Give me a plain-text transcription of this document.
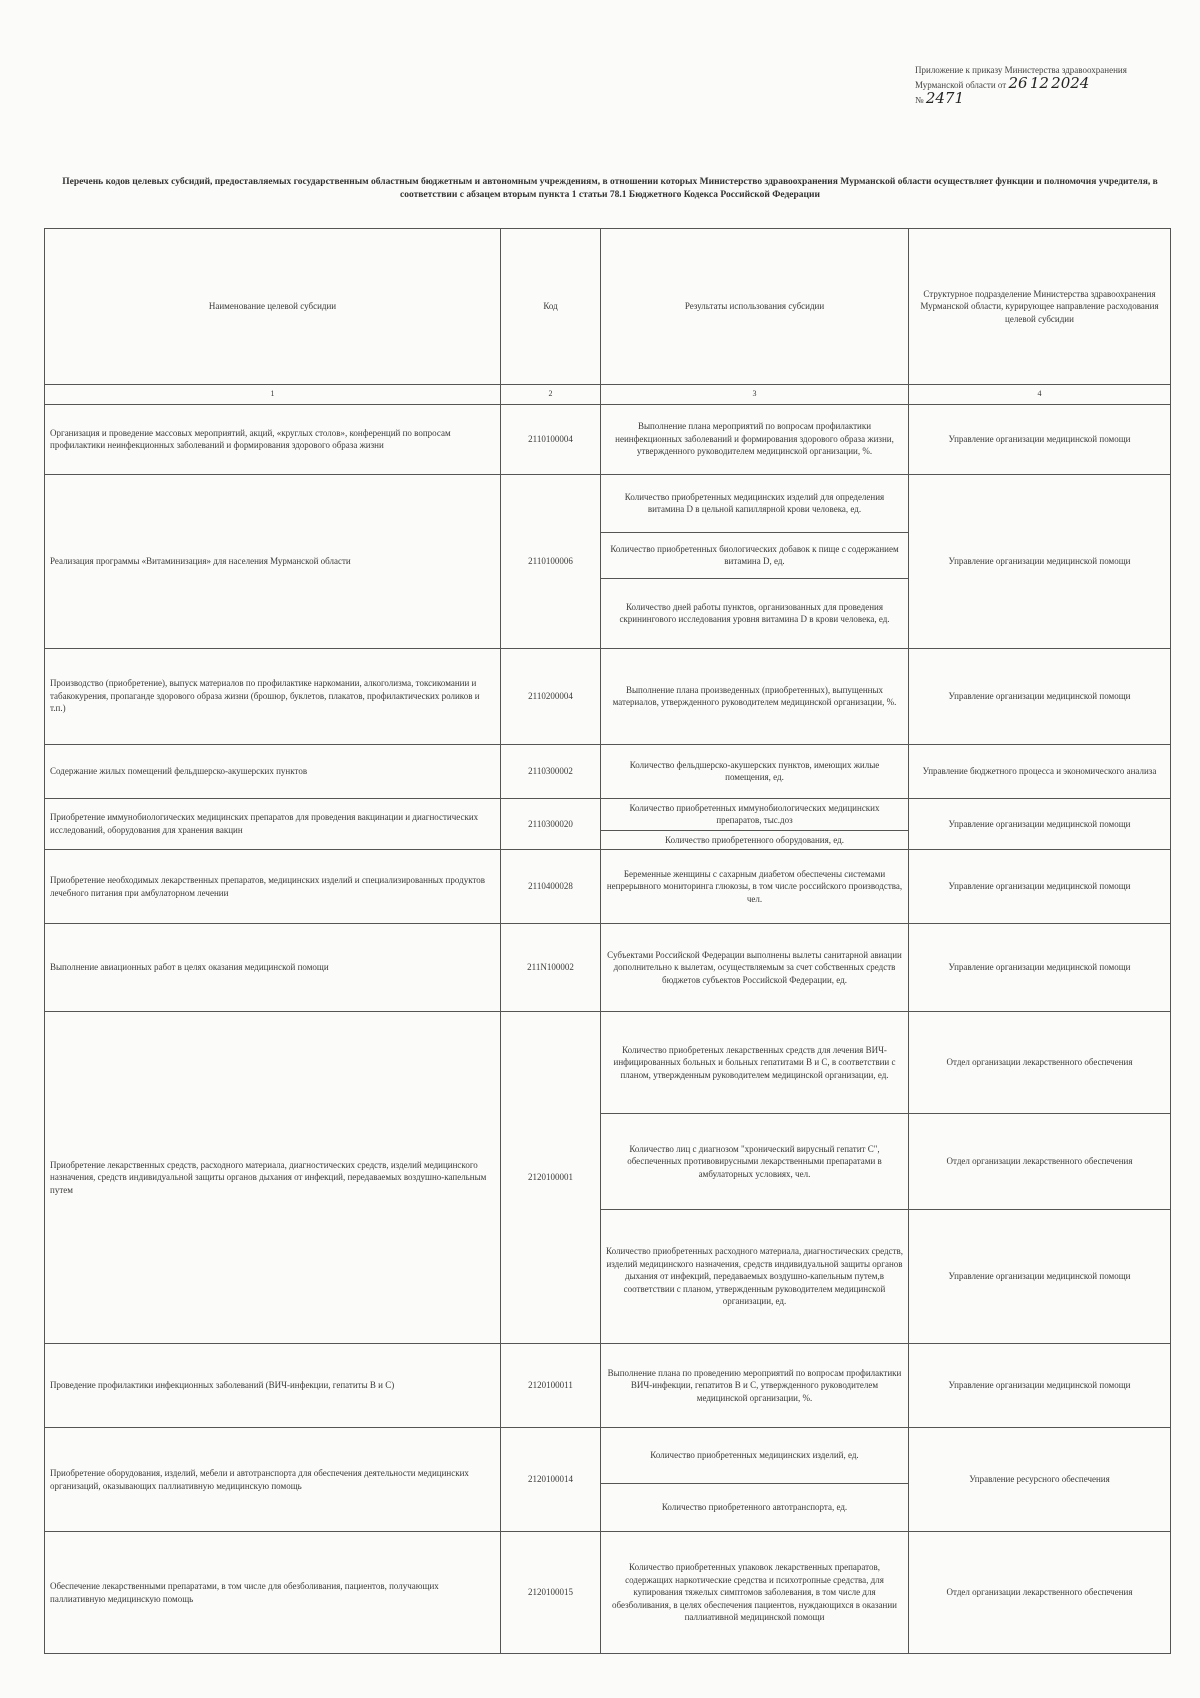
Приложение к приказу Министерства здравоохранения
Мурманской области от 26 12 2024
№ 2471
Перечень кодов целевых субсидий, предоставляемых государственным областным бюджетным и автономным учреждениям, в отношении которых Министерство здравоохранения Мурманской области осуществляет функции и полномочия учредителя, в соответствии с абзацем вторым пункта 1 статьи 78.1 Бюджетного Кодекса Российской Федерации
Наименование целевой субсидии	Код	Результаты использования субсидии	Структурное подразделение Министерства здравоохранения Мурманской области, курирующее направление расходования целевой субсидии
1	2	3	4
Организация и проведение массовых мероприятий, акций, «круглых столов», конференций по вопросам профилактики неинфекционных заболеваний и формирования здорового образа жизни	2110100004	Выполнение плана мероприятий по вопросам профилактики неинфекционных заболеваний и формирования здорового образа жизни, утвержденного руководителем медицинской организации, %.	Управление организации медицинской помощи
Реализация программы «Витаминизация» для населения Мурманской области	2110100006	Количество приобретенных медицинских изделий для определения витамина D в цельной капиллярной крови человека, ед.	Управление организации медицинской помощи
		Количество приобретенных биологических добавок к пище с содержанием витамина D, ед.	
		Количество дней работы пунктов, организованных для проведения скринингового исследования уровня витамина D в крови человека, ед.	
Производство (приобретение), выпуск материалов по профилактике наркомании, алкоголизма, токсикомании и табакокурения, пропаганде здорового образа жизни (брошюр, буклетов, плакатов, профилактических роликов и т.п.)	2110200004	Выполнение плана произведенных (приобретенных), выпущенных материалов, утвержденного руководителем медицинской организации, %.	Управление организации медицинской помощи
Содержание жилых помещений фельдшерско-акушерских пунктов	2110300002	Количество фельдшерско-акушерских пунктов, имеющих жилые помещения, ед.	Управление бюджетного процесса и экономического анализа
Приобретение иммунобиологических медицинских препаратов для проведения вакцинации и диагностических исследований, оборудования для хранения вакцин	2110300020	Количество приобретенных иммунобиологических медицинских препаратов, тыс.доз	Управление организации медицинской помощи
		Количество приобретенного оборудования, ед.	
Приобретение необходимых лекарственных препаратов, медицинских изделий и специализированных продуктов лечебного питания при амбулаторном лечении	2110400028	Беременные женщины с сахарным диабетом обеспечены системами непрерывного мониторинга глюкозы, в том числе российского производства, чел.	Управление организации медицинской помощи
Выполнение авиационных работ в целях оказания медицинской помощи	211N100002	Субъектами Российской Федерации выполнены вылеты санитарной авиации дополнительно к вылетам, осуществляемым за счет собственных средств бюджетов субъектов Российской Федерации, ед.	Управление организации медицинской помощи
Приобретение лекарственных средств, расходного материала, диагностических средств, изделий медицинского назначения, средств индивидуальной защиты органов дыхания от инфекций, передаваемых воздушно-капельным путем	2120100001	Количество приобретеных лекарственных средств для лечения ВИЧ-инфицированных больных и больных гепатитами В и С, в соответствии с планом, утвержденным руководителем медицинской организации, ед.	Отдел организации лекарственного обеспечения
		Количество лиц с диагнозом "хронический вирусный гепатит С", обеспеченных противовирусными лекарственными препаратами в амбулаторных условиях, чел.	Отдел организации лекарственного обеспечения
		Количество приобретенных расходного материала, диагностических средств, изделий медицинского назначения, средств индивидуальной защиты органов дыхания от инфекций, передаваемых воздушно-капельным путем,в соответствии с планом, утвержденным руководителем медицинской организации, ед.	Управление организации медицинской помощи
Проведение профилактики инфекционных заболеваний (ВИЧ-инфекции, гепатиты В и С)	2120100011	Выполнение плана по проведению мероприятий по вопросам профилактики ВИЧ-инфекции, гепатитов В и С, утвержденного руководителем медицинской организации, %.	Управление организации медицинской помощи
Приобретение оборудования, изделий, мебели и автотранспорта для обеспечения деятельности медицинских организаций, оказывающих паллиативную медицинскую помощь	2120100014	Количество приобретенных медицинских изделий, ед.	Управление ресурсного обеспечения
		Количество приобретенного автотранспорта, ед.	
Обеспечение лекарственными препаратами, в том числе для обезболивания, пациентов, получающих паллиативную медицинскую помощь	2120100015	Количество приобретенных упаковок лекарственных препаратов, содержащих наркотические средства и психотропные средства, для купирования тяжелых симптомов заболевания, в том числе для обезболивания, в целях обеспечения пациентов, нуждающихся в оказании паллиативной медицинской помощи	Отдел организации лекарственного обеспечения
